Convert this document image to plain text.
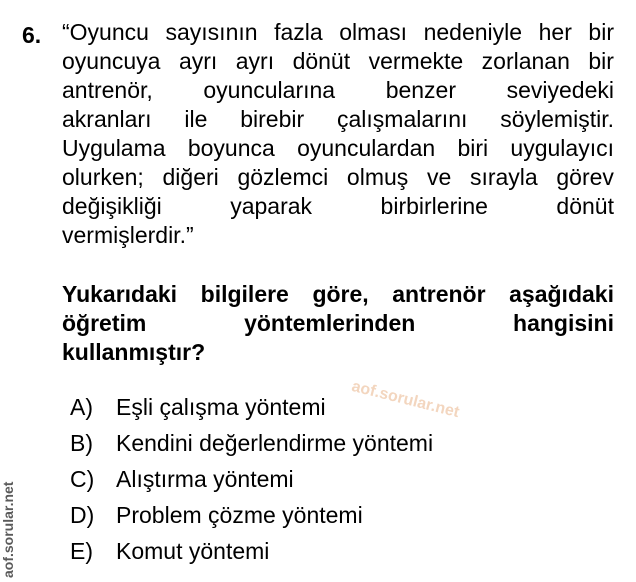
6. “Oyuncu sayısının fazla olması nedeniyle her bir
oyuncuya ayrı ayrı dönüt vermekte zorlanan bir
antrenör, oyuncularına benzer seviyedeki
akranları ile birebir çalışmalarını söylemiştir.
Uygulama boyunca oyunculardan biri uygulayıcı
olurken; diğeri gözlemci olmuş ve sırayla görev
değişikliği	yaparak	birbirlerine	dönüt
vermişlerdir.”
Yukarıdaki bilgilere göre, antrenör aşağıdaki
öğretim	yöntemlerinden	hangisini
kullanmıştır?
A)	Eşli çalışma yöntemi
B)	Kendini değerlendirme yöntemi
C) Alıştırma yöntemi
D) Problem çözme yöntemi
E)	Komut yöntemi
aof.sorular.net
aof.sorular.net
